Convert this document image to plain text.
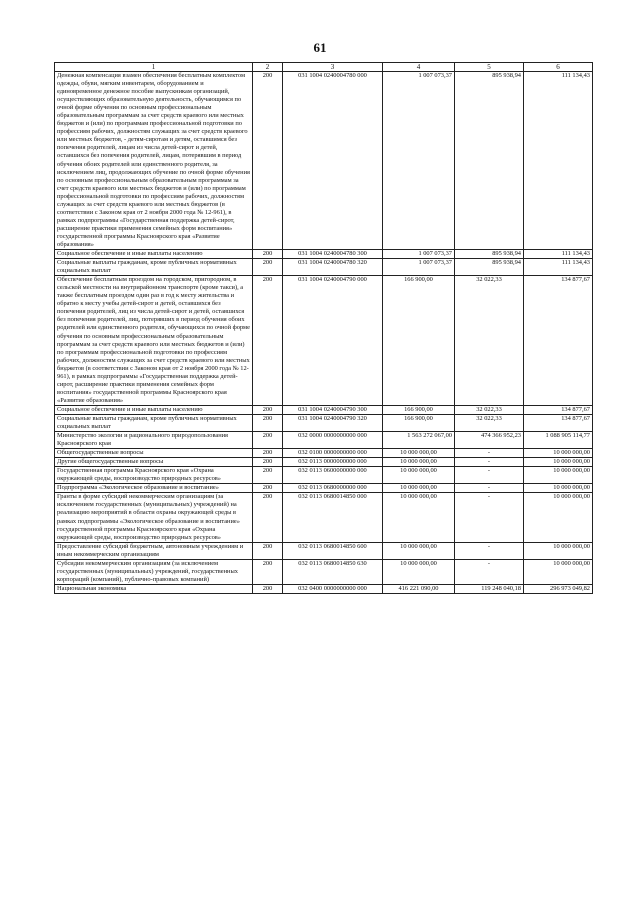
61
1	2	3	4	5	6
Денежная компенсация взамен обеспечения бесплатным комплектом одежды, обуви, мягким инвентарем, оборудованием и единовременное денежное пособие выпускникам организаций, осуществляющих образовательную деятельность, обучающимся по очной форме обучения по основным профессиональным образовательным программам за счет средств краевого или местных бюджетов и (или) по программам профессиональной подготовки по профессиям рабочих, должностям служащих за счет средств краевого или местных бюджетов, - детям-сиротам и детям, оставшимся без попечения родителей, лицам из числа детей-сирот и детей, оставшихся без попечения родителей, лицам, потерявшим в период обучения обоих родителей или единственного родителя, за исключением лиц, продолжающих обучение по очной форме обучения по основным профессиональным образовательным программам за счет средств краевого или местных бюджетов и (или) по программам профессиональной подготовки по профессиям рабочих, должностям служащих за счет средств краевого или местных бюджетов (в соответствии с Законом края от 2 ноября 2000 года № 12-961), в рамках подпрограммы «Государственная поддержка детей-сирот, расширение практики применения семейных форм воспитания» государственной программы Красноярского края «Развитие образования»	200	031 1004 0240004780 000	1 007 073,37	895 938,94	111 134,43
Социальное обеспечение и иные выплаты населению	200	031 1004 0240004780 300	1 007 073,37	895 938,94	111 134,43
Социальные выплаты гражданам, кроме публичных нормативных социальных выплат	200	031 1004 0240004780 320	1 007 073,37	895 938,94	111 134,43
Обеспечение бесплатным проездом на городском, пригородном, в сельской местности на внутрирайонном транспорте (кроме такси), а также бесплатным проездом один раз в год к месту жительства и обратно к месту учебы детей-сирот и детей, оставшихся без попечения родителей, лиц из числа детей-сирот и детей, оставшихся без попечения родителей, лиц, потерявших в период обучения обоих родителей или единственного родителя, обучающихся по очной форме обучения по основным профессиональным образовательным программам за счет средств краевого или местных бюджетов и (или) по программам профессиональной подготовки по профессиям рабочих, должностям служащих за счет средств краевого или местных бюджетов (в соответствии с Законом края от 2 ноября 2000 года № 12-961), в рамках подпрограммы «Государственная поддержка детей-сирот, расширение практики применения семейных форм воспитания» государственной программы Красноярского края «Развитие образования»	200	031 1004 0240004790 000	166 900,00	32 022,33	134 877,67
Социальное обеспечение и иные выплаты населению	200	031 1004 0240004790 300	166 900,00	32 022,33	134 877,67
Социальные выплаты гражданам, кроме публичных нормативных социальных выплат	200	031 1004 0240004790 320	166 900,00	32 022,33	134 877,67
Министерство экологии и рационального природопользования Красноярского края	200	032 0000 0000000000 000	1 563 272 067,00	474 366 952,23	1 088 905 114,77
Общегосударственные вопросы	200	032 0100 0000000000 000	10 000 000,00	-	10 000 000,00
Другие общегосударственные вопросы	200	032 0113 0000000000 000	10 000 000,00	-	10 000 000,00
Государственная программа Красноярского края «Охрана окружающей среды, воспроизводство природных ресурсов»	200	032 0113 0600000000 000	10 000 000,00	-	10 000 000,00
Подпрограмма «Экологическое образование и воспитание»	200	032 0113 0680000000 000	10 000 000,00	-	10 000 000,00
Гранты в форме субсидий некоммерческим организациям (за исключением государственных (муниципальных) учреждений) на реализацию мероприятий в области охраны окружающей среды в рамках подпрограммы «Экологическое образование и воспитание» государственной программы Красноярского края «Охрана окружающей среды, воспроизводство природных ресурсов»	200	032 0113 0680014850 000	10 000 000,00	-	10 000 000,00
Предоставление субсидий бюджетным, автономным учреждениям и иным некоммерческим организациям	200	032 0113 0680014850 600	10 000 000,00	-	10 000 000,00
Субсидии некоммерческим организациям (за исключением государственных (муниципальных) учреждений, государственных корпораций (компаний), публично-правовых компаний)	200	032 0113 0680014850 630	10 000 000,00	-	10 000 000,00
Национальная экономика	200	032 0400 0000000000 000	416 221 090,00	119 248 040,18	296 973 049,82
